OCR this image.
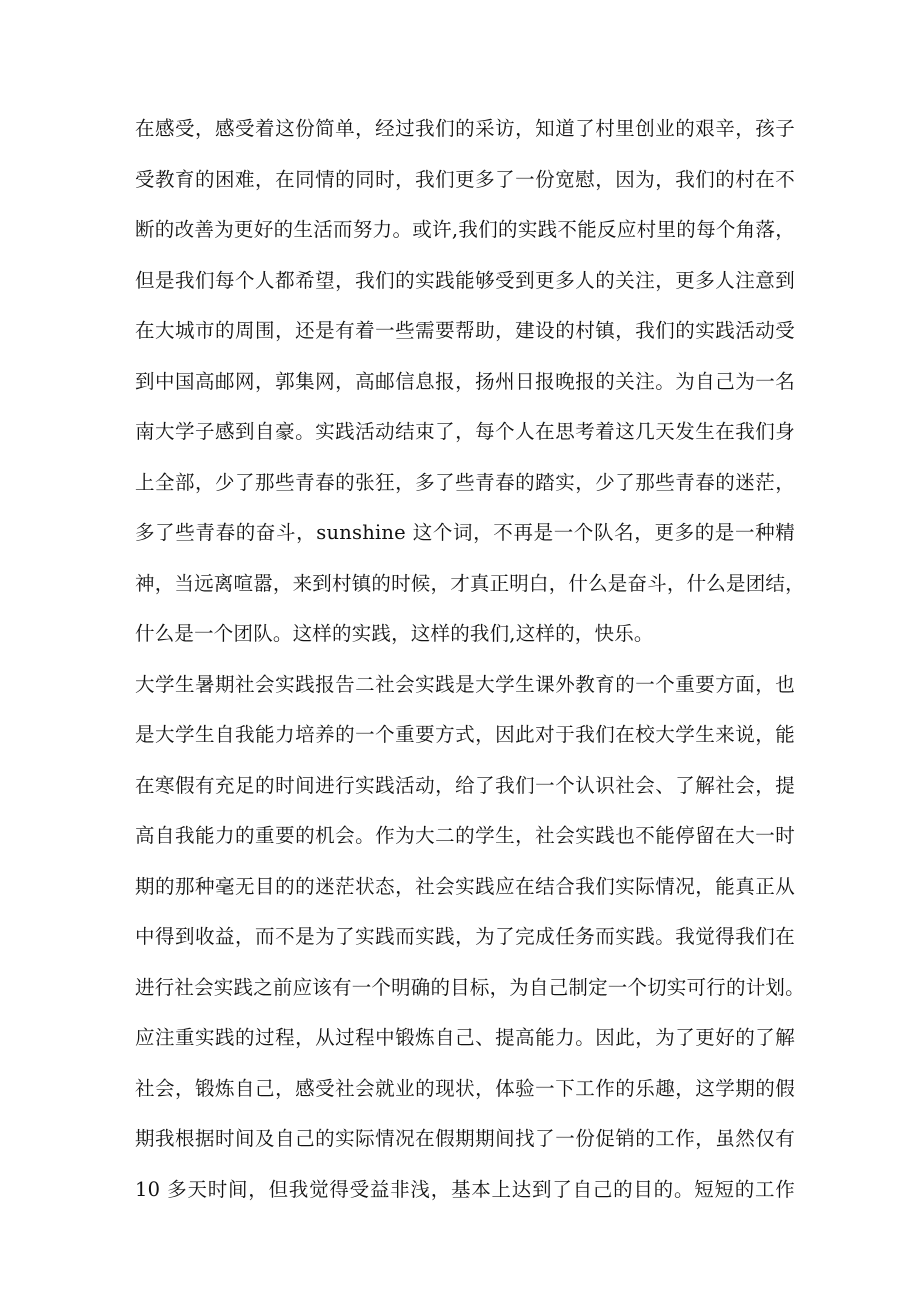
在感受，感受着这份简单，经过我们的采访，知道了村里创业的艰辛，孩子
受教育的困难，在同情的同时，我们更多了一份宽慰，因为，我们的村在不
断的改善为更好的生活而努力。或许,我们的实践不能反应村里的每个角落，
但是我们每个人都希望，我们的实践能够受到更多人的关注，更多人注意到
在大城市的周围，还是有着一些需要帮助，建设的村镇，我们的实践活动受
到中国高邮网，郭集网，高邮信息报，扬州日报晚报的关注。为自己为一名
南大学子感到自豪。实践活动结束了，每个人在思考着这几天发生在我们身
上全部，少了那些青春的张狂，多了些青春的踏实，少了那些青春的迷茫，
多了些青春的奋斗，sunshine 这个词，不再是一个队名，更多的是一种精
神，当远离喧嚣，来到村镇的时候，才真正明白，什么是奋斗，什么是团结，
什么是一个团队。这样的实践，这样的我们,这样的，快乐。
大学生暑期社会实践报告二社会实践是大学生课外教育的一个重要方面，也
是大学生自我能力培养的一个重要方式，因此对于我们在校大学生来说，能
在寒假有充足的时间进行实践活动，给了我们一个认识社会、了解社会，提
高自我能力的重要的机会。作为大二的学生，社会实践也不能停留在大一时
期的那种毫无目的的迷茫状态，社会实践应在结合我们实际情况，能真正从
中得到收益，而不是为了实践而实践，为了完成任务而实践。我觉得我们在
进行社会实践之前应该有一个明确的目标，为自己制定一个切实可行的计划。
应注重实践的过程，从过程中锻炼自己、提高能力。因此，为了更好的了解
社会，锻炼自己，感受社会就业的现状，体验一下工作的乐趣，这学期的假
期我根据时间及自己的实际情况在假期期间找了一份促销的工作，虽然仅有
10 多天时间，但我觉得受益非浅，基本上达到了自己的目的。短短的工作
